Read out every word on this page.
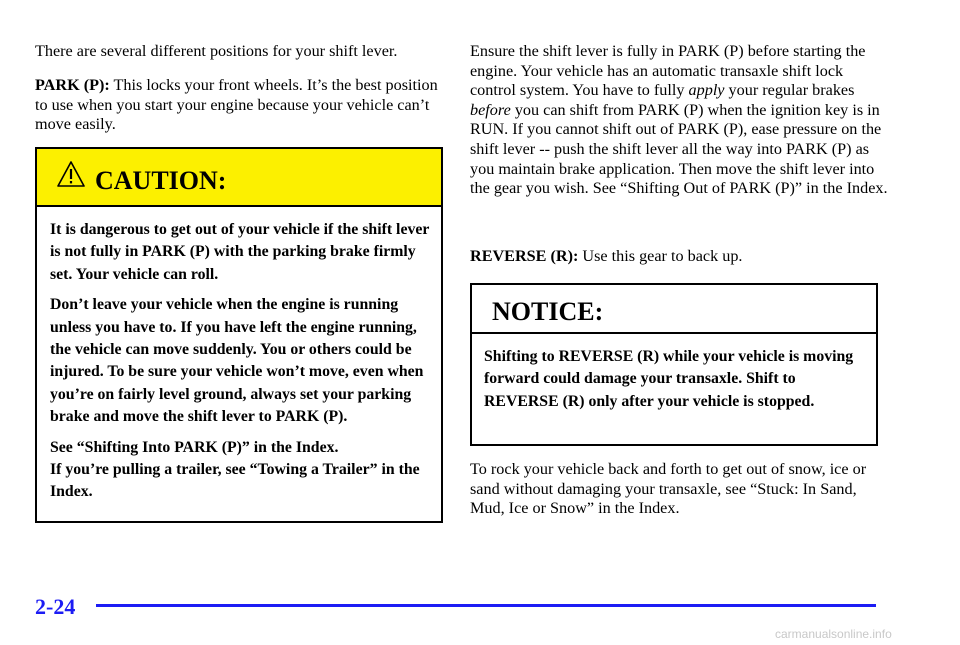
There are several different positions for your shift lever.

PARK (P): This locks your front wheels. It’s the best position to use when you start your engine because your vehicle can’t move easily.

CAUTION:

It is dangerous to get out of your vehicle if the shift lever is not fully in PARK (P) with the parking brake firmly set. Your vehicle can roll.

Don’t leave your vehicle when the engine is running unless you have to. If you have left the engine running, the vehicle can move suddenly. You or others could be injured. To be sure your vehicle won’t move, even when you’re on fairly level ground, always set your parking brake and move the shift lever to PARK (P).

See “Shifting Into PARK (P)” in the Index.
If you’re pulling a trailer, see “Towing a Trailer” in the Index.

Ensure the shift lever is fully in PARK (P) before starting the engine. Your vehicle has an automatic transaxle shift lock control system. You have to fully apply your regular brakes before you can shift from PARK (P) when the ignition key is in RUN. If you cannot shift out of PARK (P), ease pressure on the shift lever -- push the shift lever all the way into PARK (P) as you maintain brake application. Then move the shift lever into the gear you wish. See “Shifting Out of PARK (P)” in the Index.

REVERSE (R): Use this gear to back up.

NOTICE:

Shifting to REVERSE (R) while your vehicle is moving forward could damage your transaxle. Shift to REVERSE (R) only after your vehicle is stopped.

To rock your vehicle back and forth to get out of snow, ice or sand without damaging your transaxle, see “Stuck: In Sand, Mud, Ice or Snow” in the Index.

2-24
carmanualsonline.info
